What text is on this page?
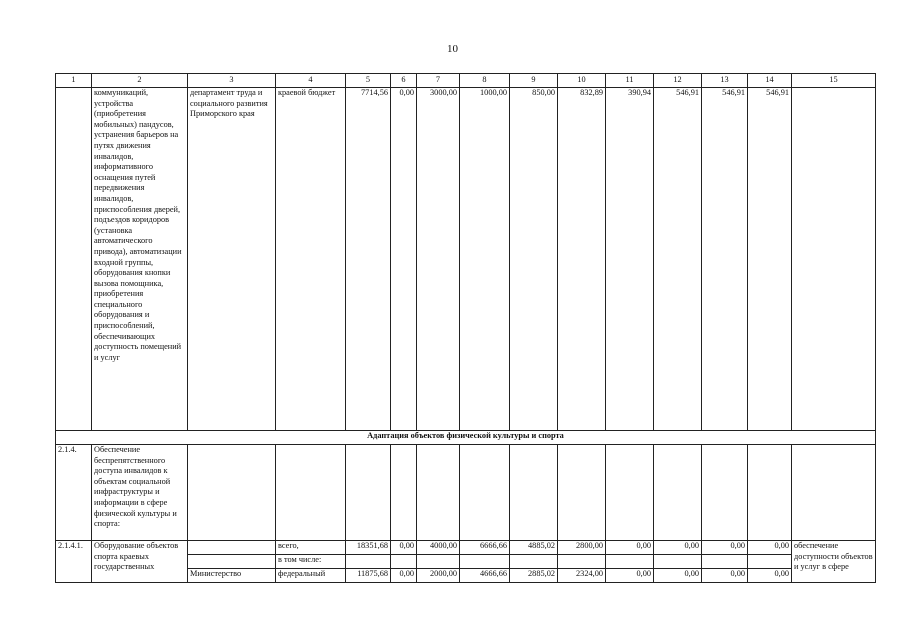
10
1	2	3	4	5	6	7	8	9	10	11	12	13	14	15
	коммуникаций, устройства (приобретения мобильных) пандусов, устранения барьеров на путях движения инвалидов, информативного оснащения путей передвижения инвалидов, приспособления дверей, подъездов коридоров (установка автоматического привода), автоматизации входной группы, оборудования кнопки вызова помощника, приобретения специального оборудования и приспособлений, обеспечивающих доступность помещений и услуг	департамент труда и социального развития Приморского края	краевой бюджет	7714,56	0,00	3000,00	1000,00	850,00	832,89	390,94	546,91	546,91	546,91	
Адаптация объектов физической культуры и спорта														
2.1.4.	Обеспечение беспрепятственного доступа инвалидов к объектам социальной инфраструктуры и информации в сфере физической культуры и спорта:													
2.1.4.1.	Оборудование объектов спорта краевых государственных		всего,	18351,68	0,00	4000,00	6666,66	4885,02	2800,00	0,00	0,00	0,00	0,00	обеспечение доступности объектов и услуг в сфере
			в том числе:											
		Министерство	федеральный	11875,68	0,00	2000,00	4666,66	2885,02	2324,00	0,00	0,00	0,00	0,00	
